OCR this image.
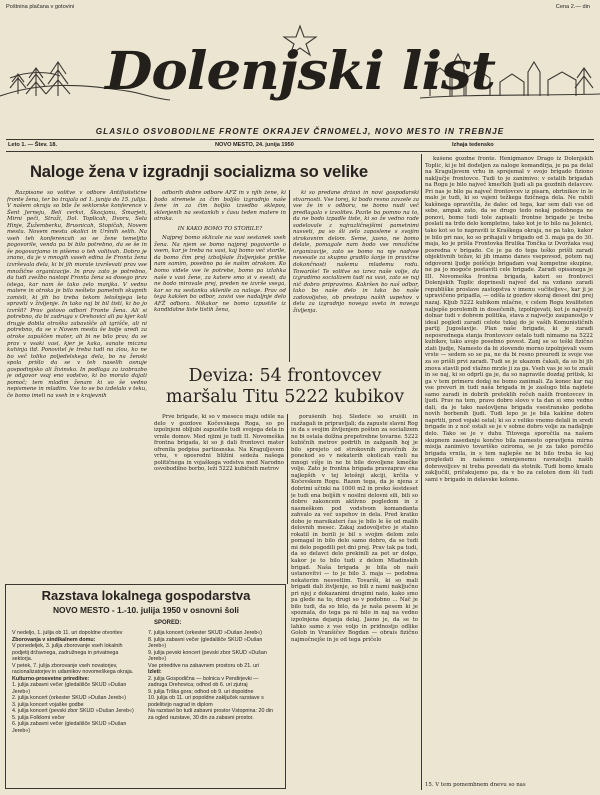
Poštnina plačana v gotovini	Cena 2.— din
Dolenjski list
GLASILO OSVOBODILNE FRONTE OKRAJEV ČRNOMELJ, NOVO MESTO IN TREBNJE
Leto 1. — Štev. 18.	NOVO MESTO, 24. junija 1950	Izhaja tedensko
Naloge žena v izgradnji socializma so velike

Razpisane so volitve v odbore Antifašistične fronte žena, ter bo trajala od 1. junija do 15. julija. V našem okraju so bile že sektorske konference v Šent Jerneju, Beli cerkvi, Škocjanu, Šmarjeti, Mirni peči, Straži, Dol. Toplicah, Dvoru, Sela Hinje, Žužemberku, Brusnicah, Stopičah, Novem mestu. Novem mestu okolici in Uršnih selih. Na vseh teh konferencah so se žene temeljito pogovorile, venda pa bi bilo potrebno, da se še in še pogovarjamo in pišemo o teh volitvah. Dobro je znano, da je v mnogih vaseh edina že Fronta žena izvrševala dela, ki bi jih morale izvrševati prav vse množične organizacije. In prav zato je potrebno, da tudi zvežbo nastopi Fronta žena sa dosego prav istega, kar nam še tako zelo manjka. V vedno matere in otroka je bilo nešteto pametnih skupnih zamisli, ki jih bo treba tekom letošnjega leta spraviti v življenje. In tako naj bi bil tisti, ki bo jo izvršil? Prav gotovo odbori Fronte žena. Ali si potrebno, da bi zadruga v Orehovici ali pa kjer koli drugje dobila otroško zabavišče ali igrišče, ali ni potrebno, da se v Novem mestu še bolje uredi za otroke zapuščen mater, ali bi ne bilo prav, da se prav v vsaki vasi, kjer je kaka, sanate miczna kuhinja itd. Ponovitel je treba tudi na zlou, ko ne bo več toliko poljedelskega dela, bo na ženski spola prišlo da se v teh naselih osnuje gospodinjsko ali živinsko. In podlaga za izobrazbo je odgovor vsaj eno vodstvo, ki bo moralo dajati pomoč; tem mladim ženam ki so še vedno nepismene in mladim. Vse to se bo izdelalo v teku, če bomo imeli na vseh in v krajevnih

odborih dobre odbore AFŽ in v njih žene, ki bodo stremele za čim boljšo izgradnjo naše žene in za čim boljšo izvedbo sklepov, sklenjenih na sestankih v času teden matere in otroka.

IN KAKO BOMO TO STORILE?

Najprej bomo sklicale na vasi sestanek vseh žena. Na njem se bomo najprej pogovorile o vsem, kar je treba na vasi, kaj bomo več storile, da bomo čim prej izboljšale življenjske prilike nam samim, posebno pa še našim otrokom. Ko bomo videle vse le potrebe, bomo pa izlahka naše v vasi žene, za katere smo si v svesti, da ne bodo mirovale prej, preden ne izvrše vsega, kar so na sestanku sklenile za naloge. Prav od tega kakšen bo odbor, zavisi vse nadaljnje delo AFŽ odbora. Nikakor ne bomo izpustile iz kandidatne liste tistih žena,

ki so predane državi in novi gospodarski stvarnosti. Vse torej, ki bodo resno zavzele za vse že in v odboru, ne bomo nudi več predlagala v izvolitev. Pazile ba pomno na to, da ne bodo izpadle tiste, ki so že vedno rade sodelovale z najrazličnejšimi pametnimi nasveti, pa so šli zelo zaposlene s svojim strokovnim delom. Seme, jasno, ne bomo delale, pomagale nam bodo vse množične organizacije, zato se bomo na nje nadvse nevesale za skupno gradilo šanje in pravične dokončnosti našemu mlademu rodu. Towariše! Te volitve so izrez naše volje, da izgradimo socializem tudi na vasi, zato se naj nič dobro pripravimo. Kakršen bo naš odbor, tako bo naše delo in tako bo naše zadovoljstvo, ob prestopu naših uspehov v delu za izgradnjo novega sveta in novega življenja.

kušene gozdne fronte. Henigmanov Drago iz Dolenjskih Toplic, ki je bil dodeljen za naloge komandirja, je pa pa delal na Kraguljevem vrhu in sprejemal v svojo brigado fiziono naključje frontovce. Tudi to je zanimivo: v ostalih brigadah na Rogu je bilo največ kmečkih ljudi ali pa gozdnih delavcev. Pri nas je bilo pa največ frontovcev iz pisarn, obrtnikov in le malo je tudi, ki so vajeni težkega fizičnega dela. Ne rabili kakšnega opravičila, že dalec od tega, kar sem dali vse od sebe, ampak zato, da se drugo tedo nekaj podobnega ne ponovi, bomo tudi tole zapisali: frontne brigade je treba poslati na trdo delo kompletno, tako kot je to bilo na Jelenici, tako kot so to napravili iz Kraškega okraja, ne pa tako, kakor je bilo pri nas, ko so prihajali v brigado od 3. maja pa do 30. maja, ko je prišla Frontovka Brulika Tončka iz Dvoržaka vsaj posredna v brigado. Ce je pa do tega teško prišli zaradi objektivnih težav, ki jih imamo danes vsepovsod, potem naj odgovorni ljudje poiščejo brigadam vsaj kompetne skupine, ne pa jo mogoče postaviti cele brigade. Zaradi opisanega je III. Novomeška frontna brigada, kateri so frontovci Dolenjskih Toplic doprinesli največ del na vzdano zaradi republiške proslave zastopstva v imenu »učiteljev«, kar ji je upravičeno pripadla, — odšla iz gozdov skoraj desset dni prej nazaj. Kljub 5222 kubikom mlačne, v celem Rogu kvaliteten naljepše porolemih in dosečenih, izpolnjevati, kot je največji dolnar tudi v dobrem politika, stava z največjo zaupanostjo v ideal pogledi zaradi celote tukaj do je vaših Komunističnih partij Jugoslavije. Plan naše brigade, ki je zaradi neposrednega stanja frontovcev ostalo tudi nimamo na 5222 kubikov, tako avojo posebno povest. Zanj se so teški fizično zlati ljudje, Namesto da bi zlovendo morno izpolnjevali vsem vrste — sedem so se pa, ne da bi resno preuredi iz svoje vse za so prišli prvi zaradi. Tudi se je ukazom čakali, da so bi jih znova stavili pod vlažno mrzle ji za ga. Vseh vas je so te znaši in se naj, ki so odprli ga je, da so napravile dozdaj pritisk, ki ga v tem primeru dodaj ne bomo zanimali. Za konec kar naj vse preveri in tudi naša brigada in je zaslugo bila najdete samo zaradi in dobrih preteklih rečeh naših frontovcev in ljudi. Prav na tem, pravo dobro slovo v ta dan si smo vedno dali, da je tako naslovljena brigada vsestransko podoba novih borbenih ljudi. Tudi lepo je je bila kakšne dobro naprtiti, pred vojaki ostal; ki so z veliko vnemo delali in sredi brigade in z noč ostali se je v sobne dobro volje za nadaljnje delo. Tako se je v duhu Titovega sporočila na našem skupnem zasedanju končno bila namesto opravljena mirna misija zanimivo tovariško oziroma, se je za tako poročilo brigada vrnila, in s tem najlepše ne bi bilo treba še kaj pregledati in našemu omenjenemu ravnatelju naših dobrovoljcev ni treba povedati da stotnik. Tudi bomo kmalu zaključili, pričakujemo pa, da v bo za celoten dom šli tudi sami v brigado in delavske kolone.

15. V tem pomembnem dnevu so nas
Deviza: 54 frontovcev
maršalu Titu 5222 kubikov

Prve brigade, ki so v mesecu maju odšle na delo v gozdove Kočevskega Roga, so po izpolnjeni obljubi zapustile tudi svojega dela in vrnile domov. Med njimi je tudi II. Novomeška frontna brigada, ki so ji dali frontovci mater ofrenila podpisa partizanska. Na Kraguljevem vrhu, v oposredni bližini sedeža našega političnega in vojaškega vodstva med Narodno osvobodilno borbo, leži 5222 kubičnih metrov

porušenih hoj. Sledeče so srušili in razžagali in pripravljali; da zapuste slavni Rog in da s svojim življenjem pošten za socializem ne bi ostala dolžna prepotrebne tovarne. 5222 kubičnih metrov podrtih in zažganih hoj je bilo sprejeto od strokovnih pravičnih že ponekod so v nekaterih okolicah vzeli na mnogi višje in ne bi bile dovoljene kmečke volje. Zato je frontna brigada pravzaprav ena najlepših v tej letošnji akciji, krčila v Kočevskem Rogu. Razen tega, da je njena z dobrimi učinki na 1000 m2 in preko šestdeset je tudi ena boljših v nosilni delovni sili, bili so dobro zakoncem aktivno pogledom in z nasmeškom pod vodstvom komandanta zahvalo za več uspehov in dela. Pred kratko dobo je marsikateri čas je bilo le še od malih delovnih mesec. Zakaj zadovoljstvo je stalno rokatil in borili je bil s svojim delom zelo pomagal in bilo delo samo dobro, da se tudi mi delo pogodili pet dni prej. Prav tak pa tudi, da so delavci delo prekinili za pet ur dolgo, kakor je to bilo tudi z delom Mladinskih brigad. Naša brigada je bila ob naši ustanovitvi — to je bilo 3. maja — podobna nekaterim nesvetlim. Tovariši, ki so mali brigadi dali življenje, so bili z nami naključno pri njej z dokazanimi drugimi nato, kako smo pa glede na to, drugi so v podobno ... Nač je bilo tudi, da so bilo, da je naša pesem ki je spoznala, do tega pa ni bilo in naj na vedno izpolnjena dejanja delaj. Jasno je, da se to lahko samo z vso voljo in pridnostjo odlike Golob in Vranšičev Bogdan — obrais fizično najmočnejše in je od tega pričelo

Razstava lokalnega gospodarstva
NOVO MESTO - 1.-10. julija 1950 v osnovni šoli
SPORED:
V nedeljo, 1. julija ob 11. uri dopoldne otvoritev
Zborovanja v sindikalnem domu:
V ponedeljek, 3. julija zborovanje vseh lokalnih podjetij državnega, zadružnega in privatnega sektorja.
V petek, 7. julija zborovanje vseh novatorjev, racionalizatorjev in udarnikov novomeškega okraja.
Kulturno-prosvetne prireditve:
1. julija zabavni večer (gledališče SKUD »Dušan Jereb«)
2. julija koncert (orkester SKUD »Dušan Jereb«)
3. julija koncert vojaške godbe
4. julija koncert (pevski zbor SKUD »Dušan Jereb«)
5. julija Folklorni večer
6. julija zabavni večer (gledališče SKUD »Dušan Jereb«)
7. julija koncert (orkester SKUD »Dušan Jereb«)
8. julija zabavni večer (gledališče SKUD »Dušan Jereb«)
9. julija pevski koncert (pevski zbor SKUD »Dušan Jereb«)
Vse prireditve na zabavnem prostoru ob 21. uri
Izleti:
2. julija Gospodična — bolnica v Pendirjevki — zadruga Orehovica; odhod ob 6. uri zjutraj
9. julija Trška gora; odhod ob 9. uri dopoldne
10. julija ob 11. uri popoldne zaključek razstave s podelitvijo nagrad in diplom
Na razstavi bo tudi zabavni prostor Vstopnina: 20 din za ogled razstave, 30 din za zabavni prostor.
